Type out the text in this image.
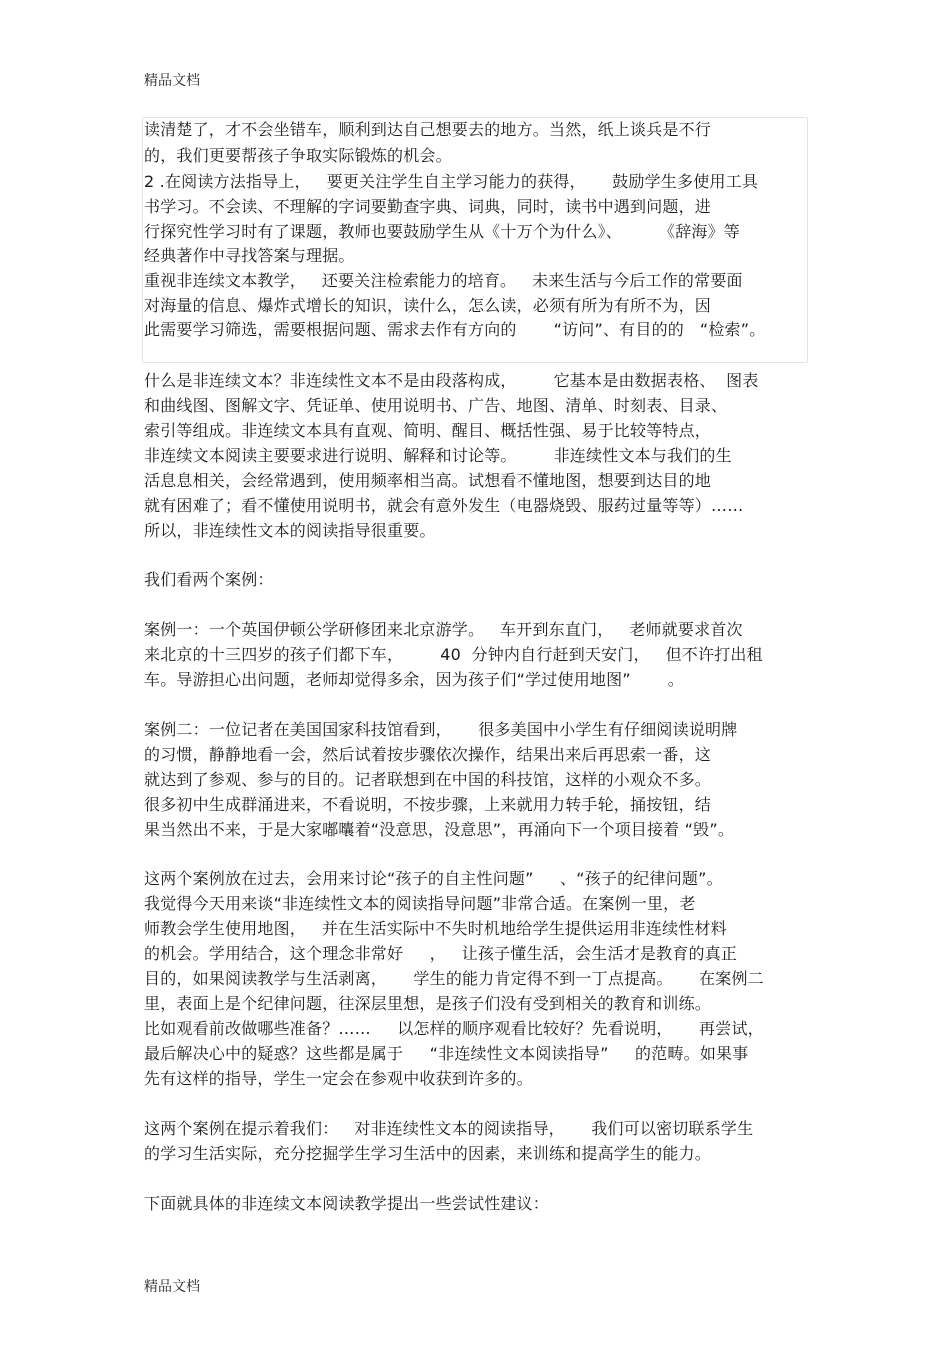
精品文档
读清楚了，才不会坐错车，顺利到达自己想要去的地方。当然，纸上谈兵是不行
的，我们更要帮孩子争取实际锻炼的机会。
2 .在阅读方法指导上，   要更关注学生自主学习能力的获得，     鼓励学生多使用工具
书学习。不会读、不理解的字词要勤查字典、词典，同时，读书中遇到问题，进
行探究性学习时有了课题，教师也要鼓励学生从《十万个为什么》、       《辞海》等
经典著作中寻找答案与理据。
重视非连续文本教学，   还要关注检索能力的培育。   未来生活与今后工作的常要面
对海量的信息、爆炸式增长的知识，读什么，怎么读，必须有所为有所不为，因
此需要学习筛选，需要根据问题、需求去作有方向的       “访问”、有目的的   “检索”。
什么是非连续文本？非连续性文本不是由段落构成，       它基本是由数据表格、  图表
和曲线图、图解文字、凭证单、使用说明书、广告、地图、清单、时刻表、目录、
索引等组成。非连续文本具有直观、简明、醒目、概括性强、易于比较等特点，
非连续文本阅读主要要求进行说明、解释和讨论等。       非连续性文本与我们的生
活息息相关，会经常遇到，使用频率相当高。试想看不懂地图，想要到达目的地
就有困难了；看不懂使用说明书，就会有意外发生（电器烧毁、服药过量等等）……
所以，非连续性文本的阅读指导很重要。
我们看两个案例：
案例一：一个英国伊顿公学研修团来北京游学。   车开到东直门，   老师就要求首次
来北京的十三四岁的孩子们都下车，       40  分钟内自行赶到天安门，   但不许打出租
车。导游担心出问题，老师却觉得多余，因为孩子们“学过使用地图”       。
案例二：一位记者在美国国家科技馆看到，     很多美国中小学生有仔细阅读说明牌
的习惯，静静地看一会，然后试着按步骤依次操作，结果出来后再思索一番，这
就达到了参观、参与的目的。记者联想到在中国的科技馆，这样的小观众不多。
很多初中生成群涌进来，不看说明，不按步骤，上来就用力转手轮，捅按钮，结
果当然出不来，于是大家嘟囔着“没意思，没意思”，再涌向下一个项目接着 “毁”。
这两个案例放在过去，会用来讨论“孩子的自主性问题”     、“孩子的纪律问题”。
我觉得今天用来谈“非连续性文本的阅读指导问题”非常合适。在案例一里，老
师教会学生使用地图，   并在生活实际中不失时机地给学生提供运用非连续性材料
的机会。学用结合，这个理念非常好     ，   让孩子懂生活，会生活才是教育的真正
目的，如果阅读教学与生活剥离，     学生的能力肯定得不到一丁点提高。     在案例二
里，表面上是个纪律问题，往深层里想，是孩子们没有受到相关的教育和训练。
比如观看前改做哪些准备？……     以怎样的顺序观看比较好？先看说明，     再尝试，
最后解决心中的疑惑？这些都是属于     “非连续性文本阅读指导”     的范畴。如果事
先有这样的指导，学生一定会在参观中收获到许多的。
这两个案例在提示着我们：   对非连续性文本的阅读指导，     我们可以密切联系学生
的学习生活实际，充分挖掘学生学习生活中的因素，来训练和提高学生的能力。
下面就具体的非连续文本阅读教学提出一些尝试性建议：
精品文档
